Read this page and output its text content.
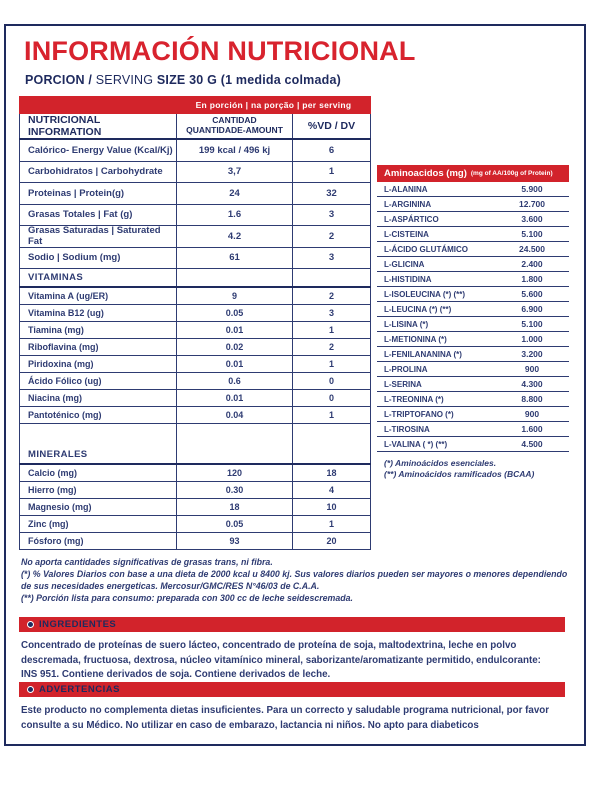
INFORMACIÓN NUTRICIONAL
PORCION / SERVING SIZE 30 G (1 medida colmada)
En porción | na porção | per serving
NUTRICIONAL INFORMATION
CANTIDAD
QUANTIDADE-AMOUNT	%VD / DV
Calórico- Energy Value (Kcal/Kj)	199 kcal / 496 kj	6
Carbohidratos | Carbohydrate	3,7	1
Proteinas | Protein(g)	24	32
Grasas Totales | Fat (g)	1.6	3
Grasas Saturadas | Saturated Fat	4.2	2
Sodio | Sodium (mg)	61	3
VITAMINAS
Vitamina A (ug/ER)	9	2
Vitamina B12 (ug)	0.05	3
Tiamina (mg)	0.01	1
Riboflavina (mg)	0.02	2
Piridoxina (mg)	0.01	1
Ácido Fólico (ug)	0.6	0
Niacina (mg)	0.01	0
Pantoténico (mg)	0.04	1
MINERALES
Calcio (mg)	120	18
Hierro (mg)	0.30	4
Magnesio (mg)	18	10
Zinc (mg)	0.05	1
Fósforo (mg)	93	20
Aminoacidos (mg) (mg of AA/100g of Protein)
L-ALANINA	5.900
L-ARGININA	12.700
L-ASPÁRTICO	3.600
L-CISTEINA	5.100
L-ÁCIDO GLUTÁMICO	24.500
L-GLICINA	2.400
L-HISTIDINA	1.800
L-ISOLEUCINA (*) (**)	5.600
L-LEUCINA (*) (**)	6.900
L-LISINA (*)	5.100
L-METIONINA (*)	1.000
L-FENILANANINA (*)	3.200
L-PROLINA	900
L-SERINA	4.300
L-TREONINA (*)	8.800
L-TRIPTOFANO (*)	900
L-TIROSINA	1.600
L-VALINA ( *) (**)	4.500
(*) Aminoácidos esenciales.
(**) Aminoácidos ramificados (BCAA)
No aporta cantidades significativas de grasas trans, ni fibra.
(*) % Valores Diarios con base a una dieta de 2000 kcal u 8400 kj. Sus valores diarios pueden ser mayores o menores dependiendo de sus necesidades energeticas. Mercosur/GMC/RES N°46/03 de C.A.A.
(**) Porción lista para consumo: preparada con 300 cc de leche seidescremada.
INGREDIENTES
Concentrado de proteínas de suero lácteo, concentrado de proteína de soja, maltodextrina, leche en polvo descremada, fructuosa, dextrosa, núcleo vitamínico mineral, saborizante/aromatizante permitido, endulcorante: INS 951. Contiene derivados de soja. Contiene derivados de leche.
ADVERTENCIAS
Este producto no complementa dietas insuficientes. Para un correcto y saludable programa nutricional, por favor consulte a su Médico. No utilizar en caso de embarazo, lactancia ni niños. No apto para diabeticos
